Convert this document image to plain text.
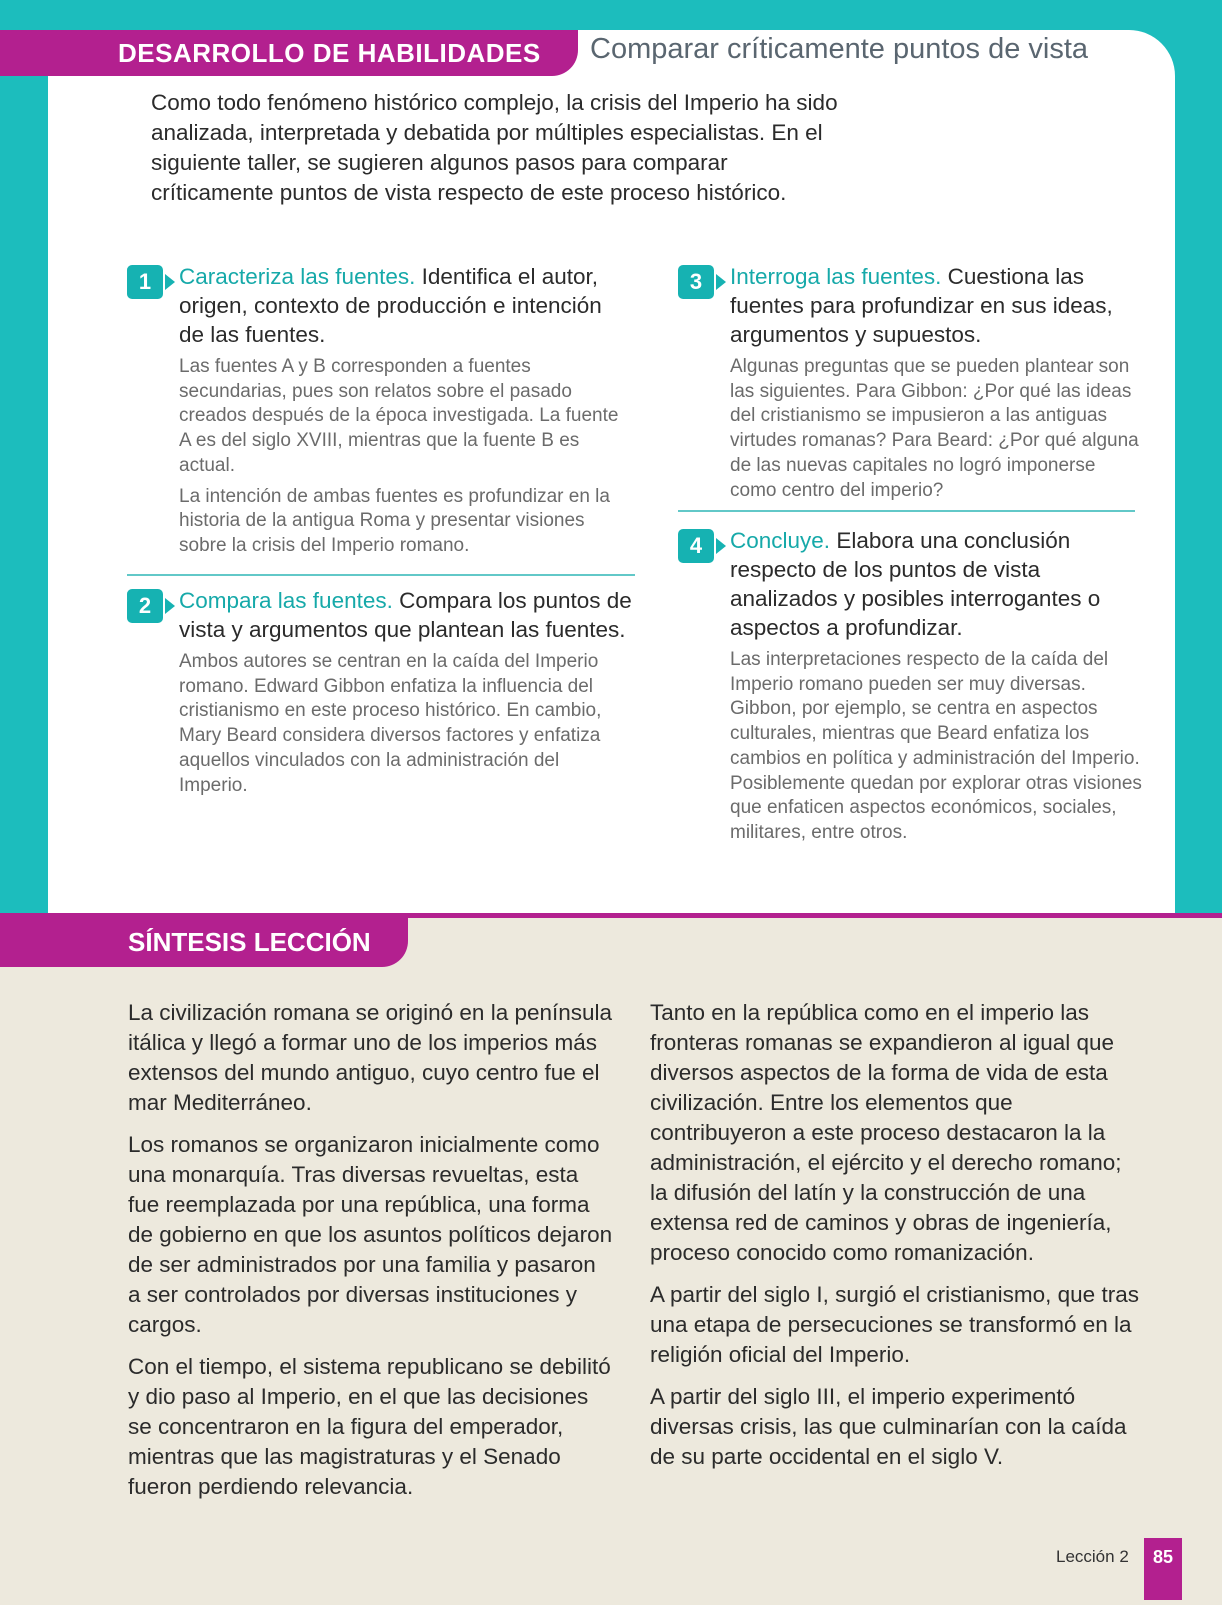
DESARROLLO DE HABILIDADES Comparar críticamente puntos de vista
Como todo fenómeno histórico complejo, la crisis del Imperio ha sido analizada, interpretada y debatida por múltiples especialistas. En el siguiente taller, se sugieren algunos pasos para comparar críticamente puntos de vista respecto de este proceso histórico.
1	Caracteriza las fuentes. Identifica el autor, origen, contexto de producción e intención de las fuentes.

Las fuentes A y B corresponden a fuentes secundarias, pues son relatos sobre el pasado creados después de la época investigada. La fuente A es del siglo XVIII, mientras que la fuente B es actual.

La intención de ambas fuentes es profundizar en la historia de la antigua Roma y presentar visiones sobre la crisis del Imperio romano.

2	Compara las fuentes. Compara los puntos de vista y argumentos que plantean las fuentes.

Ambos autores se centran en la caída del Imperio romano. Edward Gibbon enfatiza la influencia del cristianismo en este proceso histórico. En cambio, Mary Beard considera diversos factores y enfatiza aquellos vinculados con la administración del Imperio.

3	Interroga las fuentes. Cuestiona las fuentes para profundizar en sus ideas, argumentos y supuestos.

Algunas preguntas que se pueden plantear son las siguientes. Para Gibbon: ¿Por qué las ideas del cristianismo se impusieron a las antiguas virtudes romanas? Para Beard: ¿Por qué alguna de las nuevas capitales no logró imponerse como centro del imperio?

4	Concluye. Elabora una conclusión respecto de los puntos de vista analizados y posibles interrogantes o aspectos a profundizar.

Las interpretaciones respecto de la caída del Imperio romano pueden ser muy diversas. Gibbon, por ejemplo, se centra en aspectos culturales, mientras que Beard enfatiza los cambios en política y administración del Imperio. Posiblemente quedan por explorar otras visiones que enfaticen aspectos económicos, sociales, militares, entre otros.

SÍNTESIS LECCIÓN

La civilización romana se originó en la península itálica y llegó a formar uno de los imperios más extensos del mundo antiguo, cuyo centro fue el mar Mediterráneo.

Los romanos se organizaron inicialmente como una monarquía. Tras diversas revueltas, esta fue reemplazada por una república, una forma de gobierno en que los asuntos políticos dejaron de ser administrados por una familia y pasaron a ser controlados por diversas instituciones y cargos.

Con el tiempo, el sistema republicano se debilitó y dio paso al Imperio, en el que las decisiones se concentraron en la figura del emperador, mientras que las magistraturas y el Senado fueron perdiendo relevancia.

Tanto en la república como en el imperio las fronteras romanas se expandieron al igual que diversos aspectos de la forma de vida de esta civilización. Entre los elementos que contribuyeron a este proceso destacaron la la administración, el ejército y el derecho romano; la difusión del latín y la construcción de una extensa red de caminos y obras de ingeniería, proceso conocido como romanización.

A partir del siglo I, surgió el cristianismo, que tras una etapa de persecuciones se transformó en la religión oficial del Imperio.

A partir del siglo III, el imperio experimentó diversas crisis, las que culminarían con la caída de su parte occidental en el siglo V.

Lección 2	85
